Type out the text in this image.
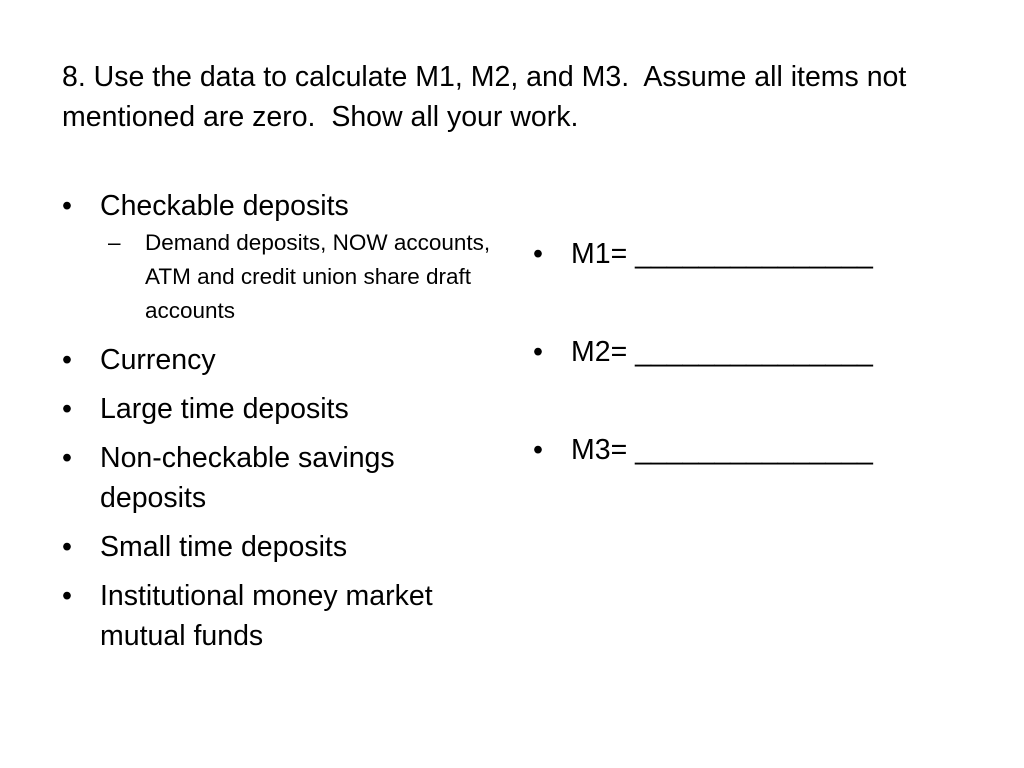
8. Use the data to calculate M1, M2, and M3.  Assume all items not mentioned are zero.  Show all your work.
• Checkable deposits
– Demand deposits, NOW accounts, ATM and credit union share draft accounts
• Currency
• Large time deposits
• Non-checkable savings deposits
• Small time deposits
• Institutional money market mutual funds
• M1= _______________
• M2= _______________
• M3= _______________
